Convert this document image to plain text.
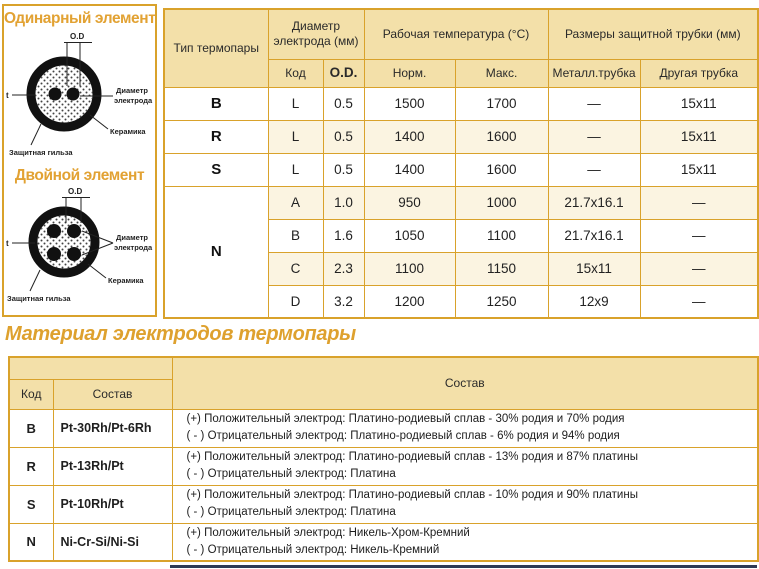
Одинарный элемент
O.D
t
Диаметр
электрода
Керамика
Защитная гильза
Двойной элемент
O.D
t
Диаметр
электрода
Керамика
Защитная гильза
Тип термопары	Диаметр электрода (мм)		Рабочая температура (°C)		Размеры защитной трубки (мм)	
	Код	O.D.	Норм.	Макс.	Металл.трубка	Другая трубка
B	L	0.5	1500	1700	—	15x11
R	L	0.5	1400	1600	—	15x11
S	L	0.5	1400	1600	—	15x11
N	A	1.0	950	1000	21.7x16.1	—
	B	1.6	1050	1100	21.7x16.1	—
	C	2.3	1100	1150	15x11	—
	D	3.2	1200	1250	12x9	—
Материал электродов термопары
		Состав
Код	Состав	
B	Pt-30Rh/Pt-6Rh	(+) Положительный электрод: Платино-родиевый сплав - 30% родия и 70% родия
( - ) Отрицательный электрод: Платино-родиевый сплав - 6% родия и 94% родия

R	Pt-13Rh/Pt	(+) Положительный электрод: Платино-родиевый сплав - 13% родия и 87% платины
( - ) Отрицательный электрод: Платина

S	Pt-10Rh/Pt	(+) Положительный электрод: Платино-родиевый сплав - 10% родия и 90% платины
( - ) Отрицательный электрод: Платина

N	Ni-Cr-Si/Ni-Si	(+) Положительный электрод: Никель-Хром-Кремний
( - ) Отрицательный электрод: Никель-Кремний
